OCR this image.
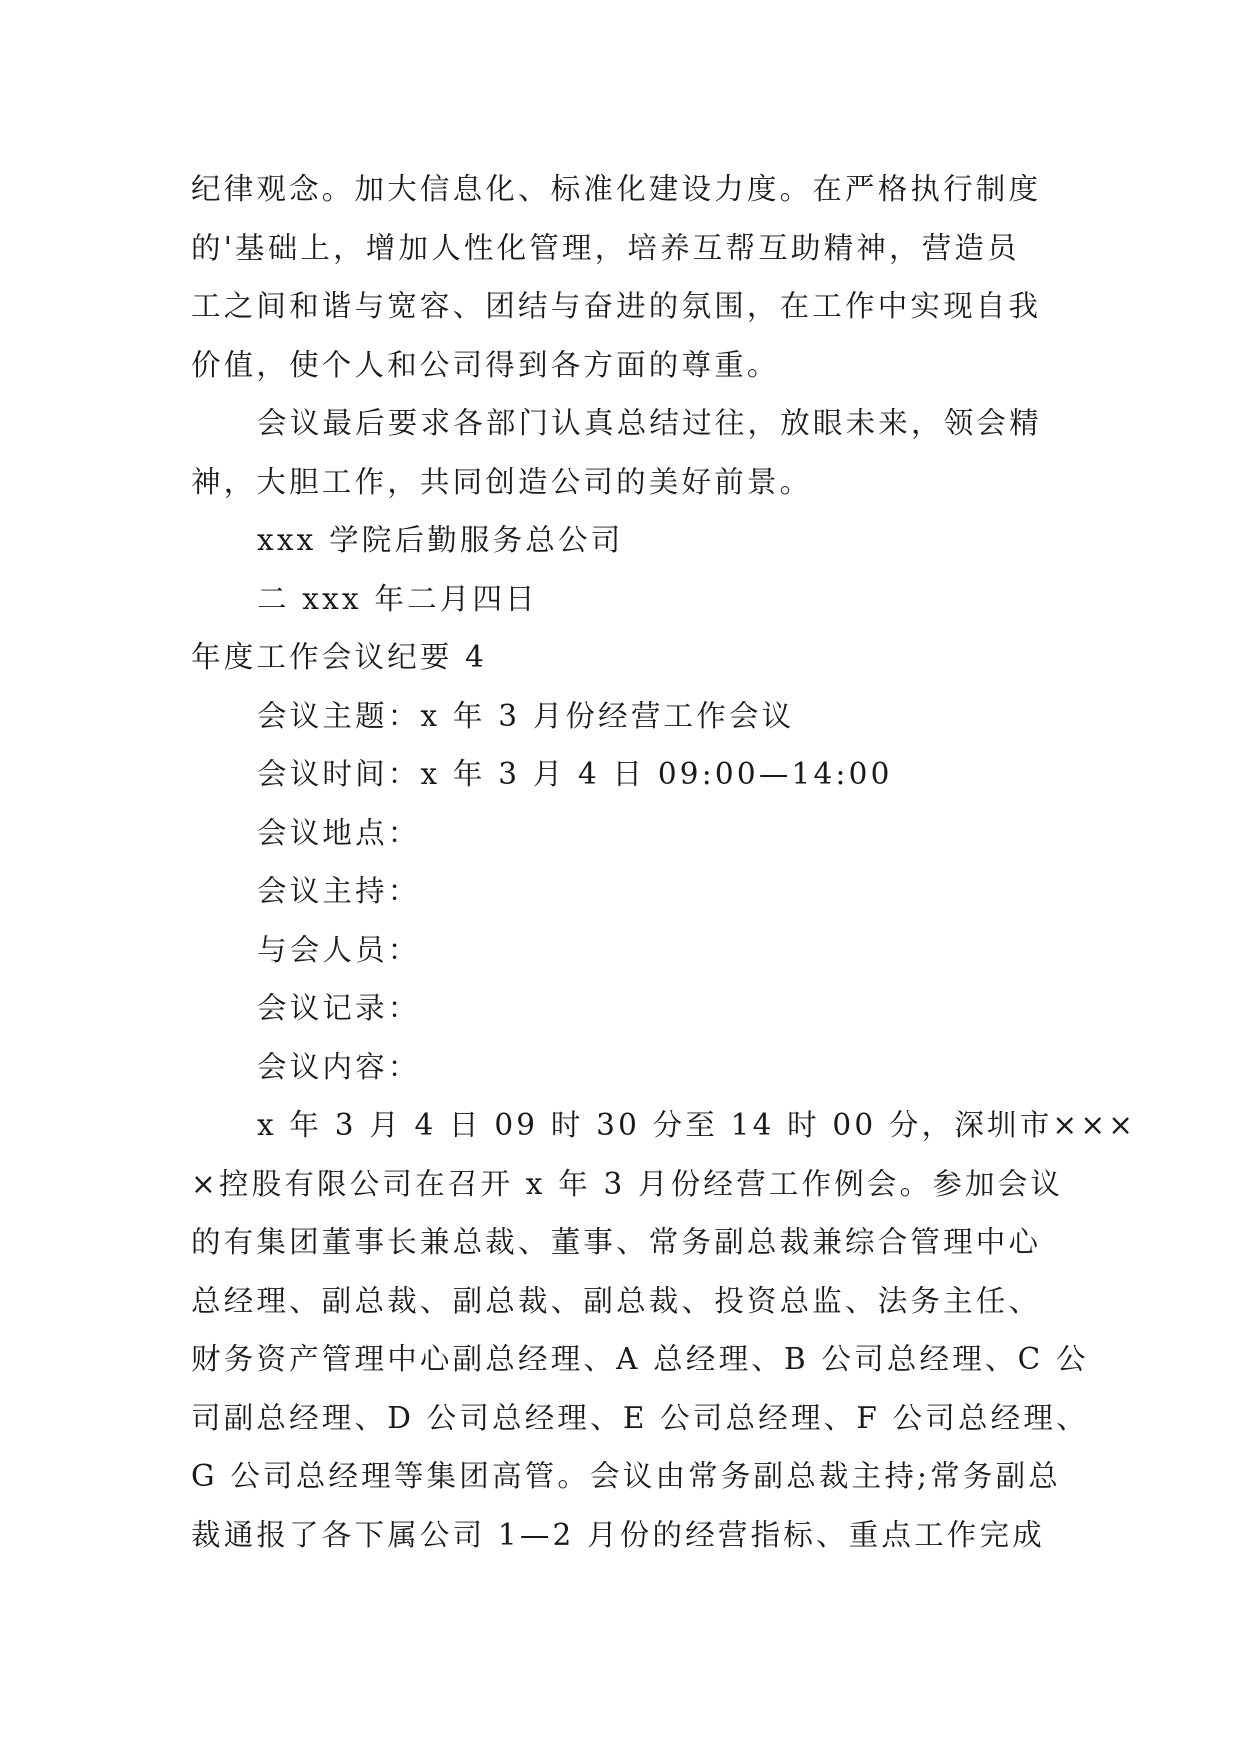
纪律观念。加大信息化、标准化建设力度。在严格执行制度
的'基础上，增加人性化管理，培养互帮互助精神，营造员
工之间和谐与宽容、团结与奋进的氛围，在工作中实现自我
价值，使个人和公司得到各方面的尊重。

会议最后要求各部门认真总结过往，放眼未来，领会精
神，大胆工作，共同创造公司的美好前景。

xxx 学院后勤服务总公司

二 xxx 年二月四日

年度工作会议纪要 4

会议主题：x 年 3 月份经营工作会议

会议时间：x 年 3 月 4 日 09:00—14:00

会议地点：

会议主持：

与会人员：

会议记录：

会议内容：

x 年 3 月 4 日 09 时 30 分至 14 时 00 分，深圳市×××
×控股有限公司在召开 x 年 3 月份经营工作例会。参加会议
的有集团董事长兼总裁、董事、常务副总裁兼综合管理中心
总经理、副总裁、副总裁、副总裁、投资总监、法务主任、
财务资产管理中心副总经理、A 总经理、B 公司总经理、C 公
司副总经理、D 公司总经理、E 公司总经理、F 公司总经理、
G 公司总经理等集团高管。会议由常务副总裁主持;常务副总
裁通报了各下属公司 1—2 月份的经营指标、重点工作完成
